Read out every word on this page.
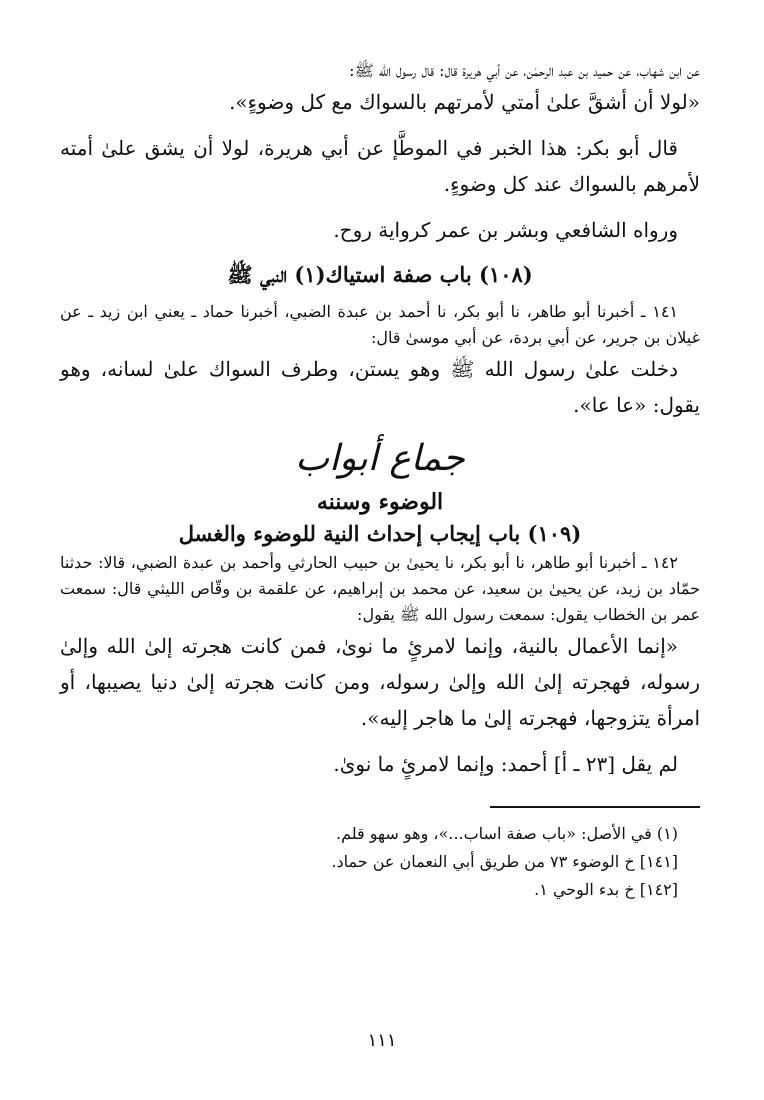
عن ابن شهاب، عن حميد بن عبد الرحمٰن، عن أبي هريرة قال: قال رسول الله ﷺ:

«لولا أن أشقَّ علىٰ أمتي لأمرتهم بالسواك مع كل وضوءٍ».

قال أبو بكر: هذا الخبر في الموطَّإ عن أبي هريرة، لولا أن يشق علىٰ أمته لأمرهم بالسواك عند كل وضوءٍ.

ورواه الشافعي وبشر بن عمر كرواية روح.

(١٠٨) باب صفة استياك(١) النبي ﷺ

١٤١ ـ أخبرنا أبو طاهر، نا أبو بكر، نا أحمد بن عبدة الضبي، أخبرنا حماد ـ يعني ابن زيد ـ عن غيلان بن جرير، عن أبي بردة، عن أبي موسىٰ قال:

دخلت علىٰ رسول الله ﷺ وهو يستن، وطرف السواك علىٰ لسانه، وهو يقول: «عا عا».

جماع أبواب

الوضوء وسننه

(١٠٩) باب إيجاب إحداث النية للوضوء والغسل

١٤٢ ـ أخبرنا أبو طاهر، نا أبو بكر، نا يحيىٰ بن حبيب الحارثي وأحمد بن عبدة الضبي، قالا: حدثنا حمّاد بن زيد، عن يحيىٰ بن سعيد، عن محمد بن إبراهيم، عن علقمة بن وقّاص الليثي قال: سمعت عمر بن الخطاب يقول: سمعت رسول الله ﷺ يقول:

«إنما الأعمال بالنية، وإنما لامرئٍ ما نوىٰ، فمن كانت هجرته إلىٰ الله وإلىٰ رسوله، فهجرته إلىٰ الله وإلىٰ رسوله، ومن كانت هجرته إلىٰ دنيا يصيبها، أو امرأة يتزوجها، فهجرته إلىٰ ما هاجر إليه».

لم يقل [٢٣ ـ أ] أحمد: وإنما لامرئٍ ما نوىٰ.

(١) في الأصل: «باب صفة اساب...»، وهو سهو قلم.

[١٤١] خ الوضوء ٧٣ من طريق أبي النعمان عن حماد.

[١٤٢] خ بدء الوحي ١.

١١١
